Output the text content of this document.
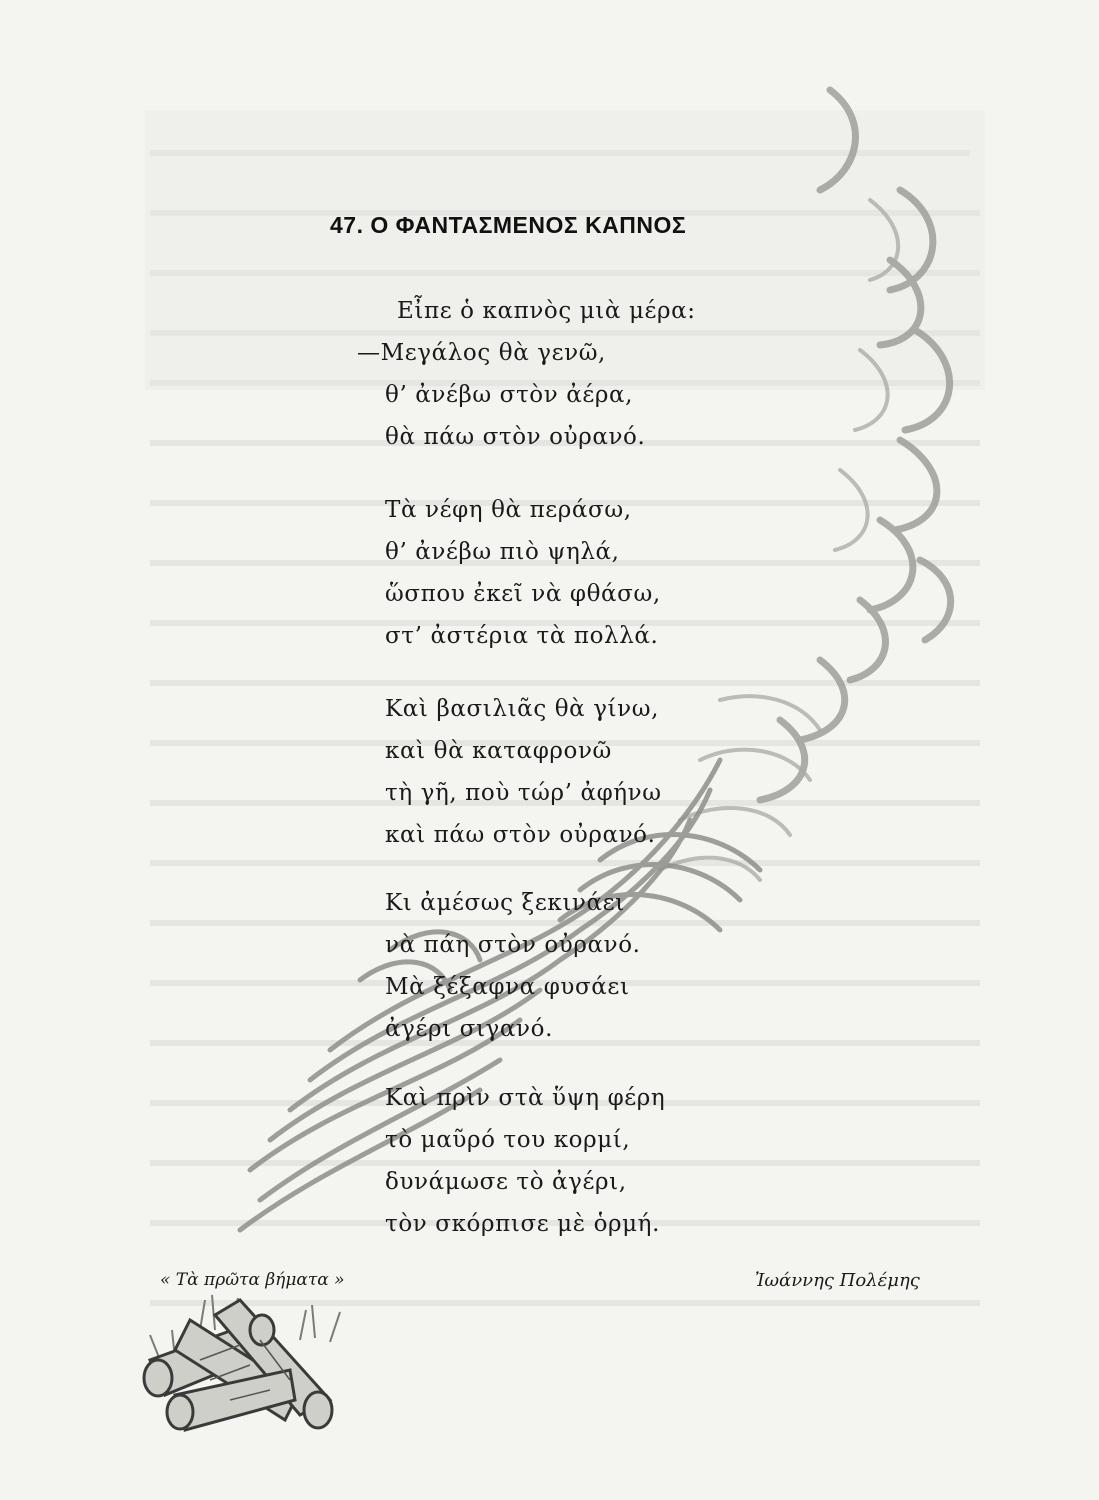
47. Ο ΦΑΝΤΑΣΜΕΝΟΣ ΚΑΠΝΟΣ
Εἶπε ὁ καπνὸς μιὰ μέρα:
—Μεγάλος θὰ γενῶ,
θ’ ἀνέβω στὸν ἀέρα,
θὰ πάω στὸν οὐρανό.
Τὰ νέφη θὰ περάσω,
θ’ ἀνέβω πιὸ ψηλά,
ὥσπου ἐκεῖ νὰ φθάσω,
στ’ ἀστέρια τὰ πολλά.
Καὶ βασιλιᾶς θὰ γίνω,
καὶ θὰ καταφρονῶ
τὴ γῆ, ποὺ τώρ’ ἀφήνω
καὶ πάω στὸν οὐρανό.
Κι ἀμέσως ξεκινάει
νὰ πάη στὸν οὐρανό.
Μὰ ξέξαφνα φυσάει
ἀγέρι σιγανό.
Καὶ πρὶν στὰ ὕψη φέρη
τὸ μαῦρό του κορμί,
δυνάμωσε τὸ ἀγέρι,
τὸν σκόρπισε μὲ ὁρμή.
« Τὰ πρῶτα βήματα »	Ἰωάννης Πολέμης
